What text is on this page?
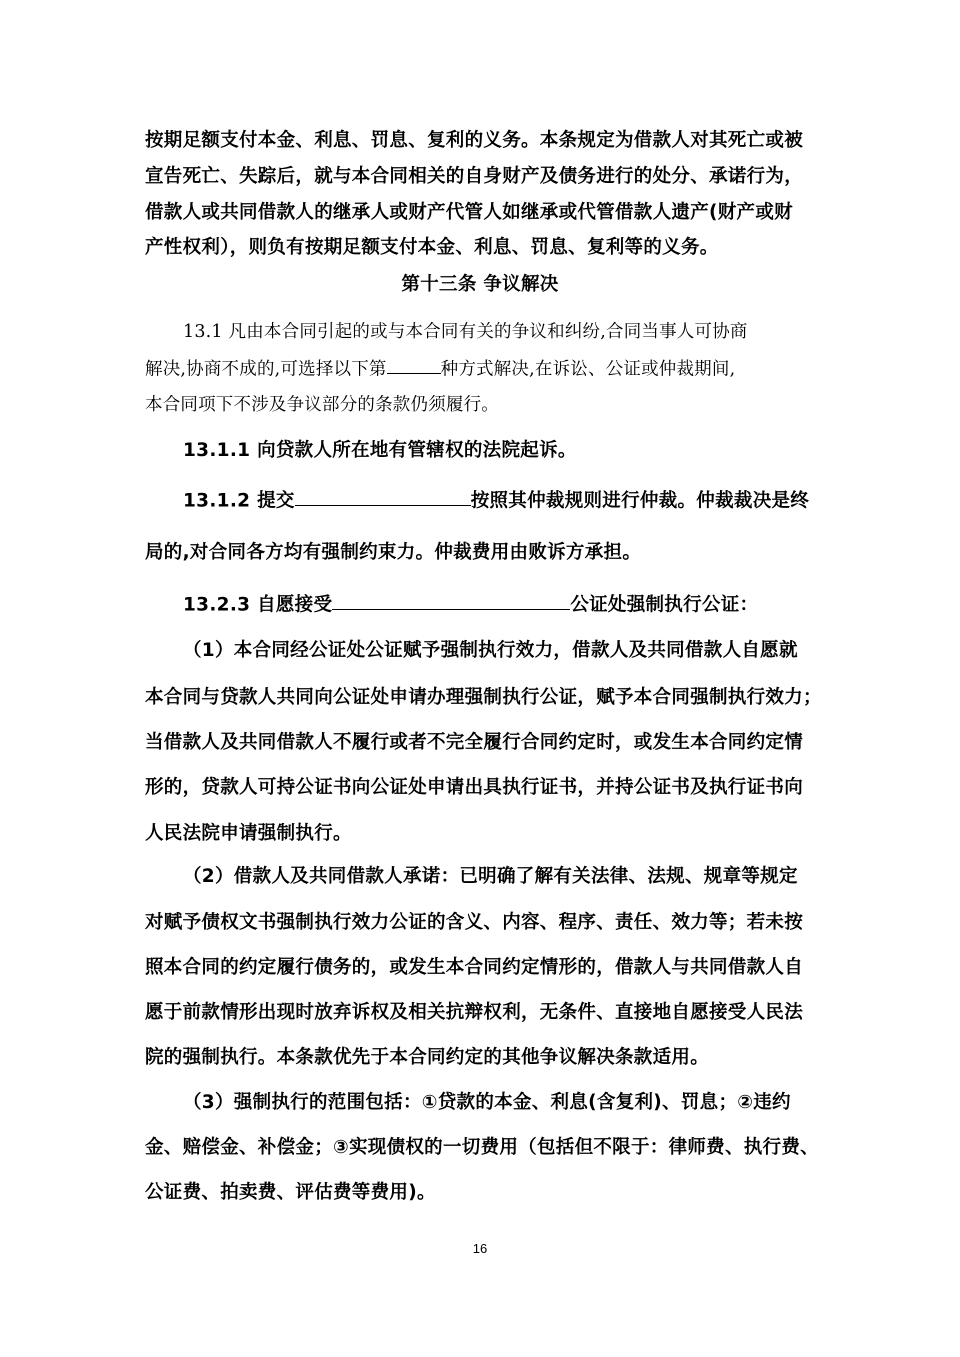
按期足额支付本金、利息、罚息、复利的义务。本条规定为借款人对其死亡或被
宣告死亡、失踪后，就与本合同相关的自身财产及债务进行的处分、承诺行为，
借款人或共同借款人的继承人或财产代管人如继承或代管借款人遗产(财产或财
产性权利），则负有按期足额支付本金、利息、罚息、复利等的义务。
第十三条 争议解决
13.1 凡由本合同引起的或与本合同有关的争议和纠纷,合同当事人可协商
解决,协商不成的,可选择以下第	种方式解决,在诉讼、公证或仲裁期间,
本合同项下不涉及争议部分的条款仍须履行。
13.1.1 向贷款人所在地有管辖权的法院起诉。
13.1.2 提交	按照其仲裁规则进行仲裁。仲裁裁决是终
局的,对合同各方均有强制约束力。仲裁费用由败诉方承担。
13.2.3 自愿接受	公证处强制执行公证：
（1）本合同经公证处公证赋予强制执行效力，借款人及共同借款人自愿就
本合同与贷款人共同向公证处申请办理强制执行公证，赋予本合同强制执行效力；
当借款人及共同借款人不履行或者不完全履行合同约定时，或发生本合同约定情
形的，贷款人可持公证书向公证处申请出具执行证书，并持公证书及执行证书向
人民法院申请强制执行。
（2）借款人及共同借款人承诺：已明确了解有关法律、法规、规章等规定
对赋予债权文书强制执行效力公证的含义、内容、程序、责任、效力等；若未按
照本合同的约定履行债务的，或发生本合同约定情形的，借款人与共同借款人自
愿于前款情形出现时放弃诉权及相关抗辩权利，无条件、直接地自愿接受人民法
院的强制执行。本条款优先于本合同约定的其他争议解决条款适用。
（3）强制执行的范围包括：①贷款的本金、利息(含复利)、罚息；②违约
金、赔偿金、补偿金；③实现债权的一切费用（包括但不限于：律师费、执行费、
公证费、拍卖费、评估费等费用)。
16
